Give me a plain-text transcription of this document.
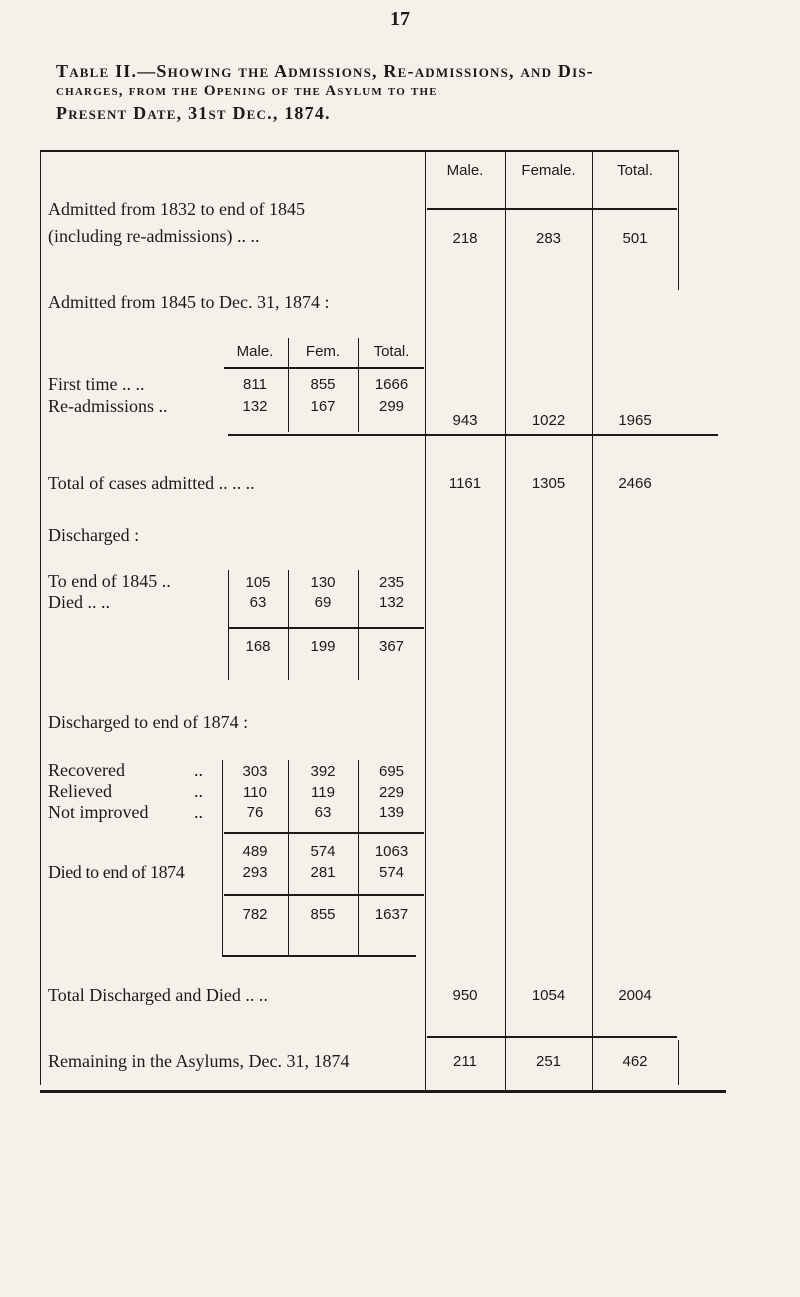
17
Table II.—Showing the Admissions, Re-admissions, and Dis-
charges, from the Opening of the Asylum to the
Present Date, 31st Dec., 1874.
Male.	Female.	Total.
Admitted from 1832 to end of 1845
(including re-admissions) .. ..	218	283	501
Admitted from 1845 to Dec. 31, 1874 :
Male.	Fem.	Total.
First time .. ..	811	855	1666
Re-admissions ..	132	167	299
943	1022	1965
Total of cases admitted .. .. ..	1161	1305	2466
Discharged :
To end of 1845 ..	105	130	235
Died .. ..	63	69	132
168	199	367
Discharged to end of 1874 :
Recovered	..	303	392	695
Relieved	..	110	119	229
Not improved	..	76	63	139
489	574	1063
Died to end of 1874	293	281	574
782	855	1637
Total Discharged and Died .. ..	950	1054	2004
Remaining in the Asylums, Dec. 31, 1874	211	251	462
